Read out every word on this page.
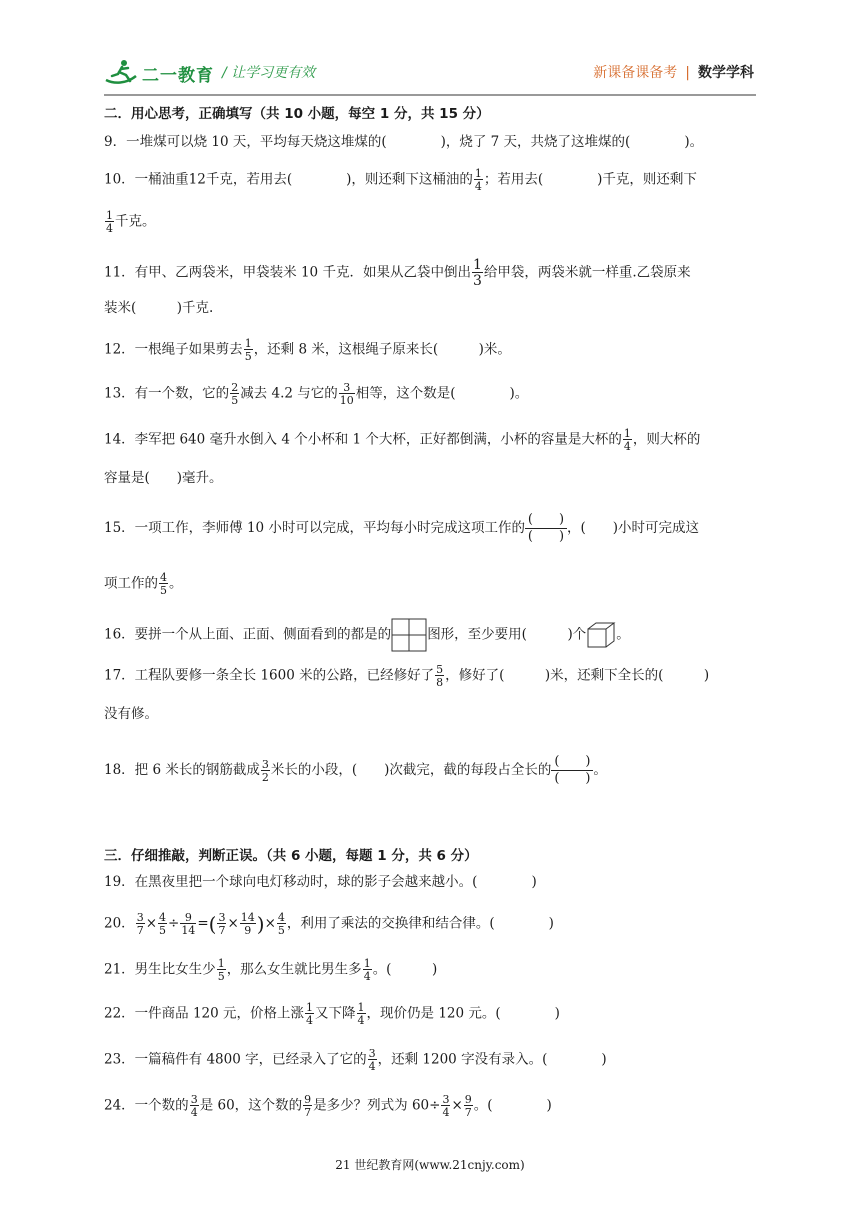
二一教育 / 让学习更有效	新课备课备考 | 数学学科
二．用心思考，正确填写（共 10 小题，每空 1 分，共 15 分）
9．一堆煤可以烧 10 天，平均每天烧这堆煤的(　　　　)，烧了 7 天，共烧了这堆煤的(　　　　)。
10．一桶油重12千克，若用去(　　　　)，则还剩下这桶油的 $\frac{1}{4}$ ；若用去(　　　　)千克，则还剩下
$\frac{1}{4}$ 千克。
11．有甲、乙两袋米，甲袋装米 10 千克．如果从乙袋中倒出 $\frac{1}{3}$ 给甲袋，两袋米就一样重.乙袋原来
装米(　　　)千克.
12．一根绳子如果剪去 $\frac{1}{5}$ ，还剩 8 米，这根绳子原来长(　　　)米。
13．有一个数，它的 $\frac{2}{5}$ 减去 4.2 与它的 $\frac{3}{10}$ 相等，这个数是(　　　　)。
14．李军把 640 毫升水倒入 4 个小杯和 1 个大杯，正好都倒满，小杯的容量是大杯的 $\frac{1}{4}$ ，则大杯的
容量是(　　)毫升。
15．一项工作，李师傅 10 小时可以完成，平均每小时完成这项工作的
(　　)
(　　)
，(　　)小时可完成这
项工作的 $\frac{4}{5}$ 。
16．要拼一个从上面、正面、侧面看到的都是的	图形，至少要用(　　　)个 。
17．工程队要修一条全长 1600 米的公路，已经修好了 $\frac{5}{8}$ ，修好了(　　　)米，还剩下全长的(　　　)
没有修。
18．把 6 米长的钢筋截成 $\frac{3}{2}$ 米长的小段，(　　)次截完，截的每段占全长的
(　　)
(　　)
。
三．仔细推敲，判断正误。（共 6 小题，每题 1 分，共 6 分）
19．在黑夜里把一个球向电灯移动时，球的影子会越来越小。(　　　　)
20． $\frac{3}{7} \times \frac{4}{5} \div \frac{9}{14}$ =( $\frac{3}{7} \times \frac{14}{9}$ )× $\frac{4}{5}$ ，利用了乘法的交换律和结合律。(　　　　)
21．男生比女生少 $\frac{1}{5}$ ，那么女生就比男生多 $\frac{1}{4}$ 。(　　　)
22．一件商品 120 元，价格上涨 $\frac{1}{4}$ 又下降 $\frac{1}{4}$ ，现价仍是 120 元。(　　　　)
23．一篇稿件有 4800 字，已经录入了它的 $\frac{3}{4}$ ，还剩 1200 字没有录入。(　　　　)
24．一个数的 $\frac{3}{4}$ 是 60，这个数的 $\frac{9}{7}$ 是多少？列式为 $60\div \frac{3}{4} \times \frac{9}{7}$ 。(　　　　)
21 世纪教育网(www.21cnjy.com)
